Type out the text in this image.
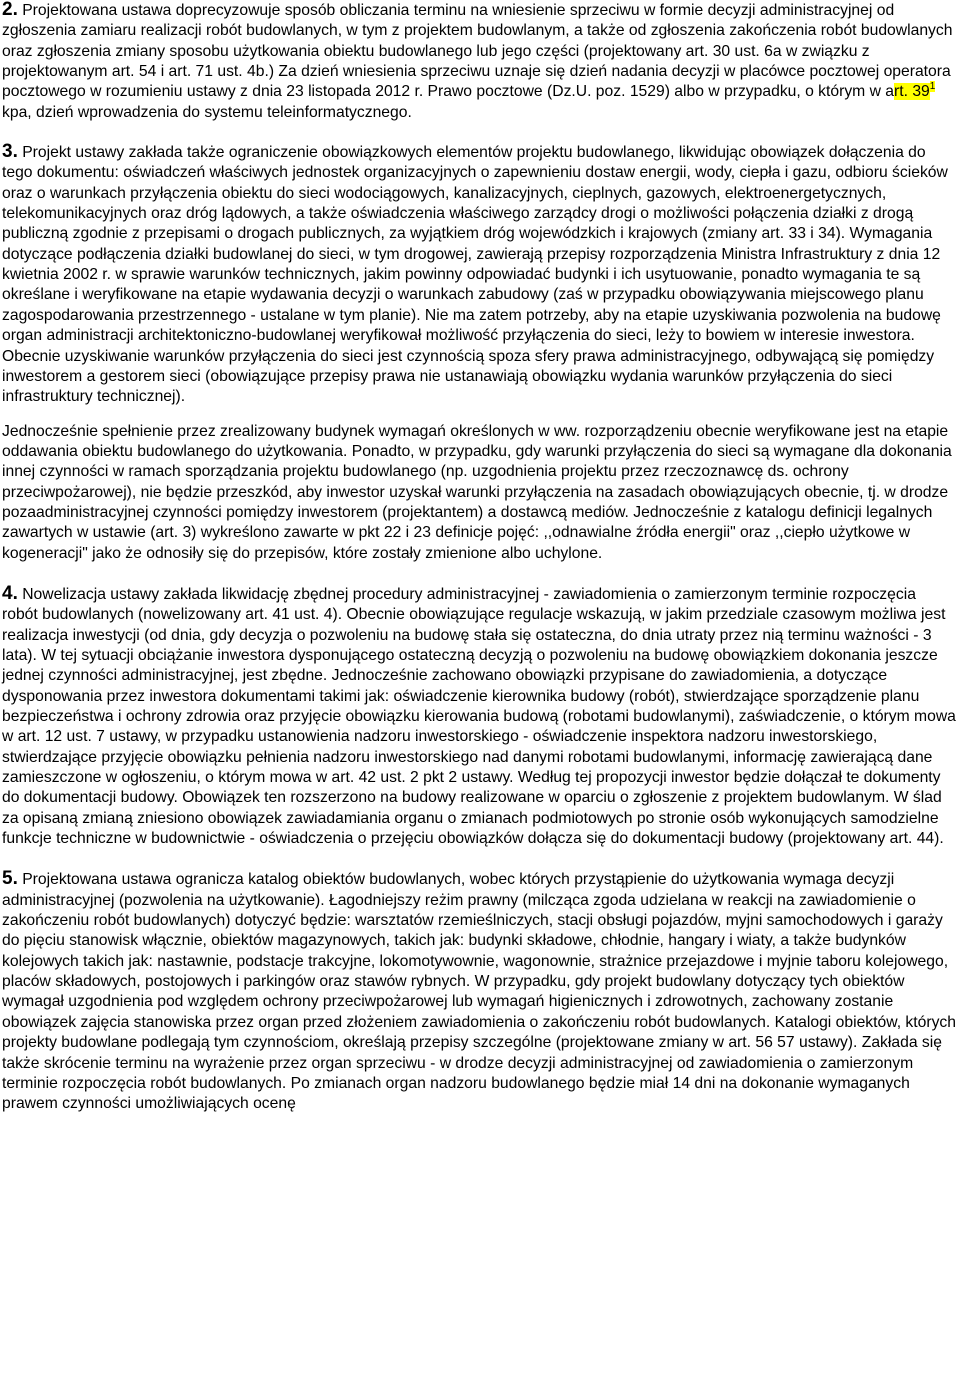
2. Projektowana ustawa doprecyzowuje sposób obliczania terminu na wniesienie sprzeciwu w formie decyzji administracyjnej od zgłoszenia zamiaru realizacji robót budowlanych, w tym z projektem budowlanym, a także od zgłoszenia zakończenia robót budowlanych oraz zgłoszenia zmiany sposobu użytkowania obiektu budowlanego lub jego części (projektowany art. 30 ust. 6a w związku z projektowanym art. 54 i art. 71 ust. 4b.) Za dzień wniesienia sprzeciwu uznaje się dzień nadania decyzji w placówce pocztowej operatora pocztowego w rozumieniu ustawy z dnia 23 listopada 2012 r. Prawo pocztowe (Dz.U. poz. 1529) albo w przypadku, o którym w art. $39^1$ kpa, dzień wprowadzenia do systemu teleinformatycznego.

3. Projekt ustawy zakłada także ograniczenie obowiązkowych elementów projektu budowlanego, likwidując obowiązek dołączenia do tego dokumentu: oświadczeń właściwych jednostek organizacyjnych o zapewnieniu dostaw energii, wody, ciepła i gazu, odbioru ścieków oraz o warunkach przyłączenia obiektu do sieci wodociągowych, kanalizacyjnych, cieplnych, gazowych, elektroenergetycznych, telekomunikacyjnych oraz dróg lądowych, a także oświadczenia właściwego zarządcy drogi o możliwości połączenia działki z drogą publiczną zgodnie z przepisami o drogach publicznych, za wyjątkiem dróg wojewódzkich i krajowych (zmiany art. 33 i 34). Wymagania dotyczące podłączenia działki budowlanej do sieci, w tym drogowej, zawierają przepisy rozporządzenia Ministra Infrastruktury z dnia 12 kwietnia 2002 r. w sprawie warunków technicznych, jakim powinny odpowiadać budynki i ich usytuowanie, ponadto wymagania te są określane i weryfikowane na etapie wydawania decyzji o warunkach zabudowy (zaś w przypadku obowiązywania miejscowego planu zagospodarowania przestrzennego - ustalane w tym planie). Nie ma zatem potrzeby, aby na etapie uzyskiwania pozwolenia na budowę organ administracji architektoniczno-budowlanej weryfikował możliwość przyłączenia do sieci, leży to bowiem w interesie inwestora. Obecnie uzyskiwanie warunków przyłączenia do sieci jest czynnością spoza sfery prawa administracyjnego, odbywającą się pomiędzy inwestorem a gestorem sieci (obowiązujące przepisy prawa nie ustanawiają obowiązku wydania warunków przyłączenia do sieci infrastruktury technicznej).

Jednocześnie spełnienie przez zrealizowany budynek wymagań określonych w ww. rozporządzeniu obecnie weryfikowane jest na etapie oddawania obiektu budowlanego do użytkowania. Ponadto, w przypadku, gdy warunki przyłączenia do sieci są wymagane dla dokonania innej czynności w ramach sporządzania projektu budowlanego (np. uzgodnienia projektu przez rzeczoznawcę ds. ochrony przeciwpożarowej), nie będzie przeszkód, aby inwestor uzyskał warunki przyłączenia na zasadach obowiązujących obecnie, tj. w drodze pozaadministracyjnej czynności pomiędzy inwestorem (projektantem) a dostawcą mediów. Jednocześnie z katalogu definicji legalnych zawartych w ustawie (art. 3) wykreślono zawarte w pkt 22 i 23 definicje pojęć: ,,odnawialne źródła energii" oraz ,,ciepło użytkowe w kogeneracji" jako że odnosiły się do przepisów, które zostały zmienione albo uchylone.

4. Nowelizacja ustawy zakłada likwidację zbędnej procedury administracyjnej - zawiadomienia o zamierzonym terminie rozpoczęcia robót budowlanych (nowelizowany art. 41 ust. 4). Obecnie obowiązujące regulacje wskazują, w jakim przedziale czasowym możliwa jest realizacja inwestycji (od dnia, gdy decyzja o pozwoleniu na budowę stała się ostateczna, do dnia utraty przez nią terminu ważności - 3 lata). W tej sytuacji obciążanie inwestora dysponującego ostateczną decyzją o pozwoleniu na budowę obowiązkiem dokonania jeszcze jednej czynności administracyjnej, jest zbędne. Jednocześnie zachowano obowiązki przypisane do zawiadomienia, a dotyczące dysponowania przez inwestora dokumentami takimi jak: oświadczenie kierownika budowy (robót), stwierdzające sporządzenie planu bezpieczeństwa i ochrony zdrowia oraz przyjęcie obowiązku kierowania budową (robotami budowlanymi), zaświadczenie, o którym mowa w art. 12 ust. 7 ustawy, w przypadku ustanowienia nadzoru inwestorskiego - oświadczenie inspektora nadzoru inwestorskiego, stwierdzające przyjęcie obowiązku pełnienia nadzoru inwestorskiego nad danymi robotami budowlanymi, informację zawierającą dane zamieszczone w ogłoszeniu, o którym mowa w art. 42 ust. 2 pkt 2 ustawy. Według tej propozycji inwestor będzie dołączał te dokumenty do dokumentacji budowy. Obowiązek ten rozszerzono na budowy realizowane w oparciu o zgłoszenie z projektem budowlanym. W ślad za opisaną zmianą zniesiono obowiązek zawiadamiania organu o zmianach podmiotowych po stronie osób wykonujących samodzielne funkcje techniczne w budownictwie - oświadczenia o przejęciu obowiązków dołącza się do dokumentacji budowy (projektowany art. 44).

5. Projektowana ustawa ogranicza katalog obiektów budowlanych, wobec których przystąpienie do użytkowania wymaga decyzji administracyjnej (pozwolenia na użytkowanie). Łagodniejszy reżim prawny (milcząca zgoda udzielana w reakcji na zawiadomienie o zakończeniu robót budowlanych) dotyczyć będzie: warsztatów rzemieślniczych, stacji obsługi pojazdów, myjni samochodowych i garaży do pięciu stanowisk włącznie, obiektów magazynowych, takich jak: budynki składowe, chłodnie, hangary i wiaty, a także budynków kolejowych takich jak: nastawnie, podstacje trakcyjne, lokomotywownie, wagonownie, strażnice przejazdowe i myjnie taboru kolejowego, placów składowych, postojowych i parkingów oraz stawów rybnych. W przypadku, gdy projekt budowlany dotyczący tych obiektów wymagał uzgodnienia pod względem ochrony przeciwpożarowej lub wymagań higienicznych i zdrowotnych, zachowany zostanie obowiązek zajęcia stanowiska przez organ przed złożeniem zawiadomienia o zakończeniu robót budowlanych. Katalogi obiektów, których projekty budowlane podlegają tym czynnościom, określają przepisy szczególne (projektowane zmiany w art. 56 57 ustawy). Zakłada się także skrócenie terminu na wyrażenie przez organ sprzeciwu - w drodze decyzji administracyjnej od zawiadomienia o zamierzonym terminie rozpoczęcia robót budowlanych. Po zmianach organ nadzoru budowlanego będzie miał 14 dni na dokonanie wymaganych prawem czynności umożliwiających ocenę
